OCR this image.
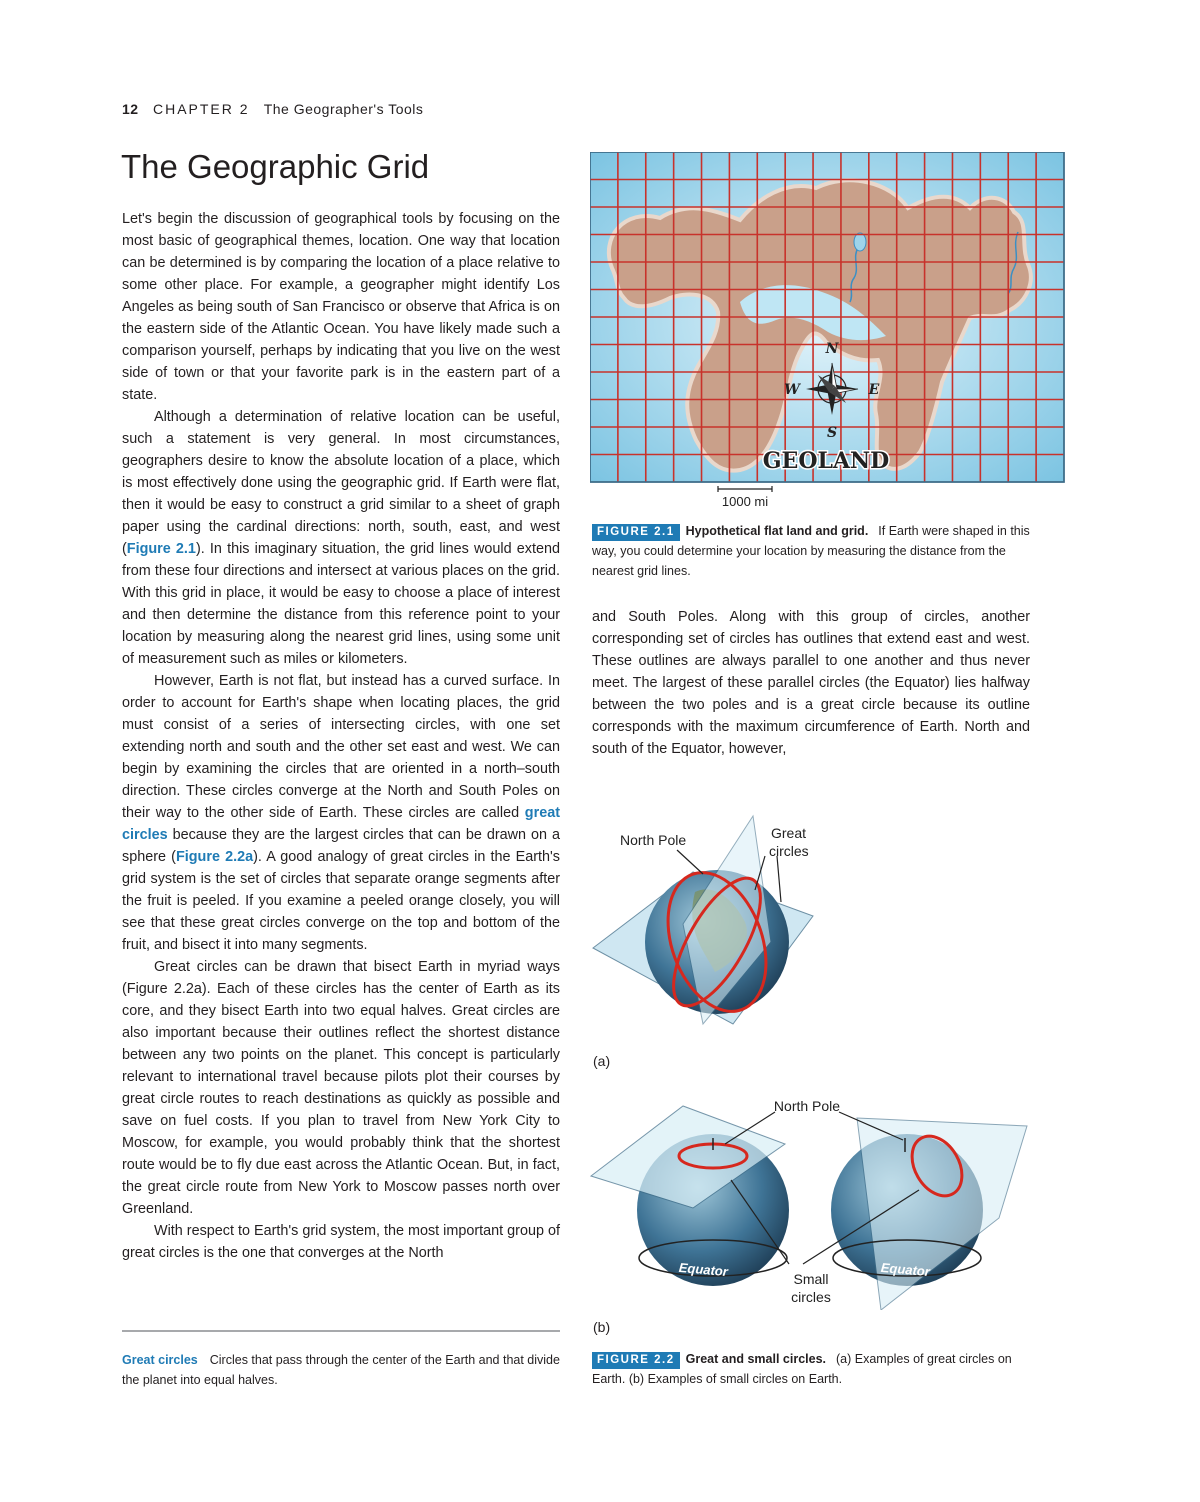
12 CHAPTER 2 The Geographer's Tools
The Geographic Grid

Let's begin the discussion of geographical tools by focusing on the most basic of geographical themes, location. One way that location can be determined is by comparing the location of a place relative to some other place. For example, a geographer might identify Los Angeles as being south of San Francisco or observe that Africa is on the eastern side of the Atlantic Ocean. You have likely made such a comparison yourself, perhaps by indicating that you live on the west side of town or that your favorite park is in the eastern part of a state.

Although a determination of relative location can be useful, such a statement is very general. In most circumstances, geographers desire to know the absolute location of a place, which is most effectively done using the geographic grid. If Earth were flat, then it would be easy to construct a grid similar to a sheet of graph paper using the cardinal directions: north, south, east, and west (Figure 2.1). In this imaginary situation, the grid lines would extend from these four directions and intersect at various places on the grid. With this grid in place, it would be easy to choose a place of interest and then determine the distance from this reference point to your location by measuring along the nearest grid lines, using some unit of measurement such as miles or kilometers.

However, Earth is not flat, but instead has a curved surface. In order to account for Earth's shape when locating places, the grid must consist of a series of intersecting circles, with one set extending north and south and the other set east and west. We can begin by examining the circles that are oriented in a north–south direction. These circles converge at the North and South Poles on their way to the other side of Earth. These circles are called great circles because they are the largest circles that can be drawn on a sphere (Figure 2.2a). A good analogy of great circles in the Earth's grid system is the set of circles that separate orange segments after the fruit is peeled. If you examine a peeled orange closely, you will see that these great circles converge on the top and bottom of the fruit, and bisect it into many segments.

Great circles can be drawn that bisect Earth in myriad ways (Figure 2.2a). Each of these circles has the center of Earth as its core, and they bisect Earth into two equal halves. Great circles are also important because their outlines reflect the shortest distance between any two points on the planet. This concept is particularly relevant to international travel because pilots plot their courses by great circle routes to reach destinations as quickly as possible and save on fuel costs. If you plan to travel from New York City to Moscow, for example, you would probably think that the shortest route would be to fly due east across the Atlantic Ocean. But, in fact, the great circle route from New York to Moscow passes north over Greenland.

With respect to Earth's grid system, the most important group of great circles is the one that converges at the North

and South Poles. Along with this group of circles, another corresponding set of circles has outlines that extend east and west. These outlines are always parallel to one another and thus never meet. The largest of these parallel circles (the Equator) lies halfway between the two poles and is a great circle because its outline corresponds with the maximum circumference of Earth. North and south of the Equator, however,

Great circles Circles that pass through the center of the Earth and that divide the planet into equal halves.
N
S
E
W
GEOLAND
1000 mi
FIGURE 2.1 Hypothetical flat land and grid. If Earth were shaped in this way, you could determine your location by measuring the distance from the nearest grid lines.
North Pole	Great
circles
(a)
Equator	Equator
North Pole
Small
circles
(b)
FIGURE 2.2 Great and small circles. (a) Examples of great circles on Earth. (b) Examples of small circles on Earth.
